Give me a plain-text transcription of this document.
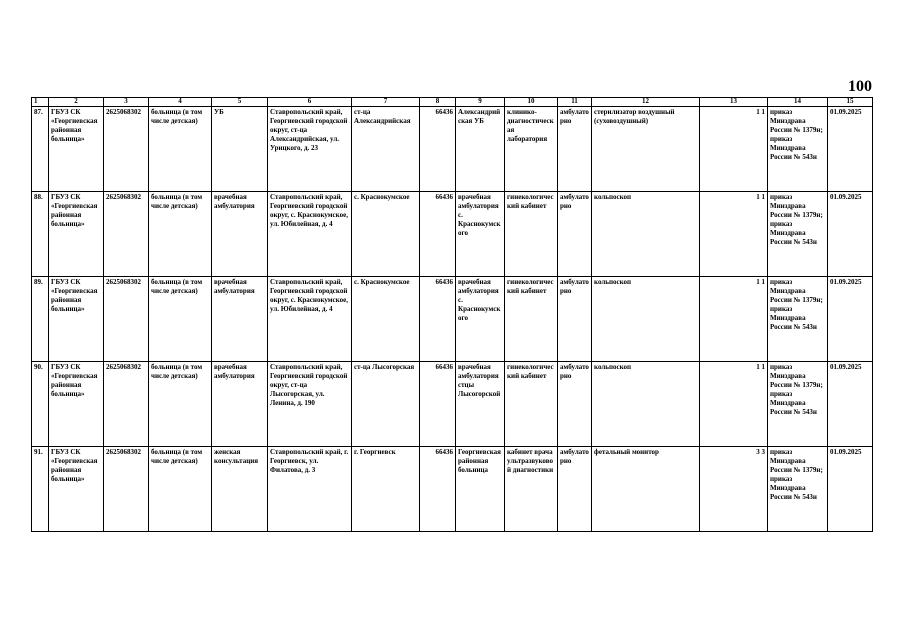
100
1	2	3	4	5	6	7	8	9	10	11	12	13	14	15
87.	ГБУЗ СК «Георгиевская районная больница»	2625068302	больница (в том числе детская)	УБ	Ставропольский край, Георгиевский городской округ, ст-ца Александрийская, ул. Урицкого, д. 23	ст-ца Александрийская	66436	Александрийская УБ	клинико-диагностическая лаборатория	амбулаторно	стерилизатор воздушный (суховоздушный)	1 1	приказ Минздрава России № 1379н; приказ Минздрава России № 543н	01.09.2025
88.	ГБУЗ СК «Георгиевская районная больница»	2625068302	больница (в том числе детская)	врачебная амбулатория	Ставропольский край, Георгиевский городской округ, с. Краснокумское, ул. Юбилейная, д. 4	с. Краснокумское	66436	врачебная амбулатория с. Краснокумского	гинекологический кабинет	амбулаторно	кольпоскоп	1 1	приказ Минздрава России № 1379н; приказ Минздрава России № 543н	01.09.2025
89.	ГБУЗ СК «Георгиевская районная больница»	2625068302	больница (в том числе детская)	врачебная амбулатория	Ставропольский край, Георгиевский городской округ, с. Краснокумское, ул. Юбилейная, д. 4	с. Краснокумское	66436	врачебная амбулатория с. Краснокумского	гинекологический кабинет	амбулаторно	кольпоскоп	1 1	приказ Минздрава России № 1379н; приказ Минздрава России № 543н	01.09.2025
90.	ГБУЗ СК «Георгиевская районная больница»	2625068302	больница (в том числе детская)	врачебная амбулатория	Ставропольский край, Георгиевский городской округ, ст-ца Лысогорская, ул. Ленина, д. 190	ст-ца Лысогорская	66436	врачебная амбулатория стцы Лысогорской	гинекологический кабинет	амбулаторно	кольпоскоп	1 1	приказ Минздрава России № 1379н; приказ Минздрава России № 543н	01.09.2025
91.	ГБУЗ СК «Георгиевская районная больница»	2625068302	больница (в том числе детская)	женская консультация	Ставропольский край, г. Георгиевск, ул. Филатова, д. 3	г. Георгиевск	66436	Георгиевская районная больница	кабинет врача ультразвуковой диагностики	амбулаторно	фетальный монитор	3 3	приказ Минздрава России № 1379н; приказ Минздрава России № 543н	01.09.2025
